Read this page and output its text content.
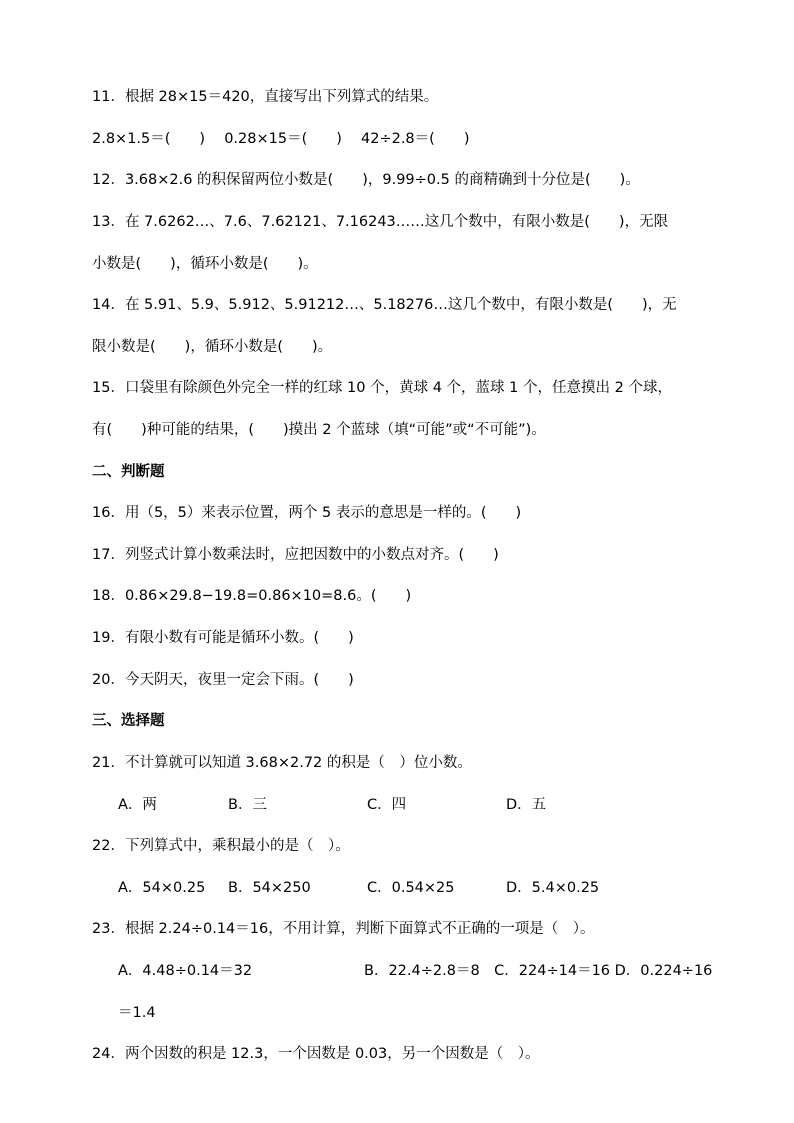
11．根据 28×15＝420，直接写出下列算式的结果。
2.8×1.5＝(　　)　 0.28×15＝(　　)　 42÷2.8＝(　　)
12．3.68×2.6 的积保留两位小数是(　　)，9.99÷0.5 的商精确到十分位是(　　)。
13．在 7.6262…、7.6、7.62121、7.16243……这几个数中，有限小数是(　　)，无限
小数是(　　)，循环小数是(　　)。
14．在 5.91、5.9、5.912、5.91212…、5.18276…这几个数中，有限小数是(　　)，无
限小数是(　　)，循环小数是(　　)。
15．口袋里有除颜色外完全一样的红球 10 个，黄球 4 个，蓝球 1 个，任意摸出 2 个球，
有(　　)种可能的结果，(　　)摸出 2 个蓝球（填“可能”或“不可能”)。
二、判断题
16．用（5，5）来表示位置，两个 5 表示的意思是一样的。(　　)
17．列竖式计算小数乘法时，应把因数中的小数点对齐。(　　)
18．0.86×29.8−19.8=0.86×10=8.6。(　　)
19．有限小数有可能是循环小数。(　　)
20．今天阴天，夜里一定会下雨。(　　)
三、选择题
21．不计算就可以知道 3.68×2.72 的积是（　）位小数。
A．两	B．三	C．四	D．五
22．下列算式中，乘积最小的是（　）。
A．54×0.25 B．54×250	C．0.54×25	D．5.4×0.25
23．根据 2.24÷0.14＝16，不用计算，判断下面算式不正确的一项是（　）。
A．4.48÷0.14＝32	B．22.4÷2.8＝8　C．224÷14＝16 D．0.224÷16
＝1.4
24．两个因数的积是 12.3，一个因数是 0.03，另一个因数是（　）。
